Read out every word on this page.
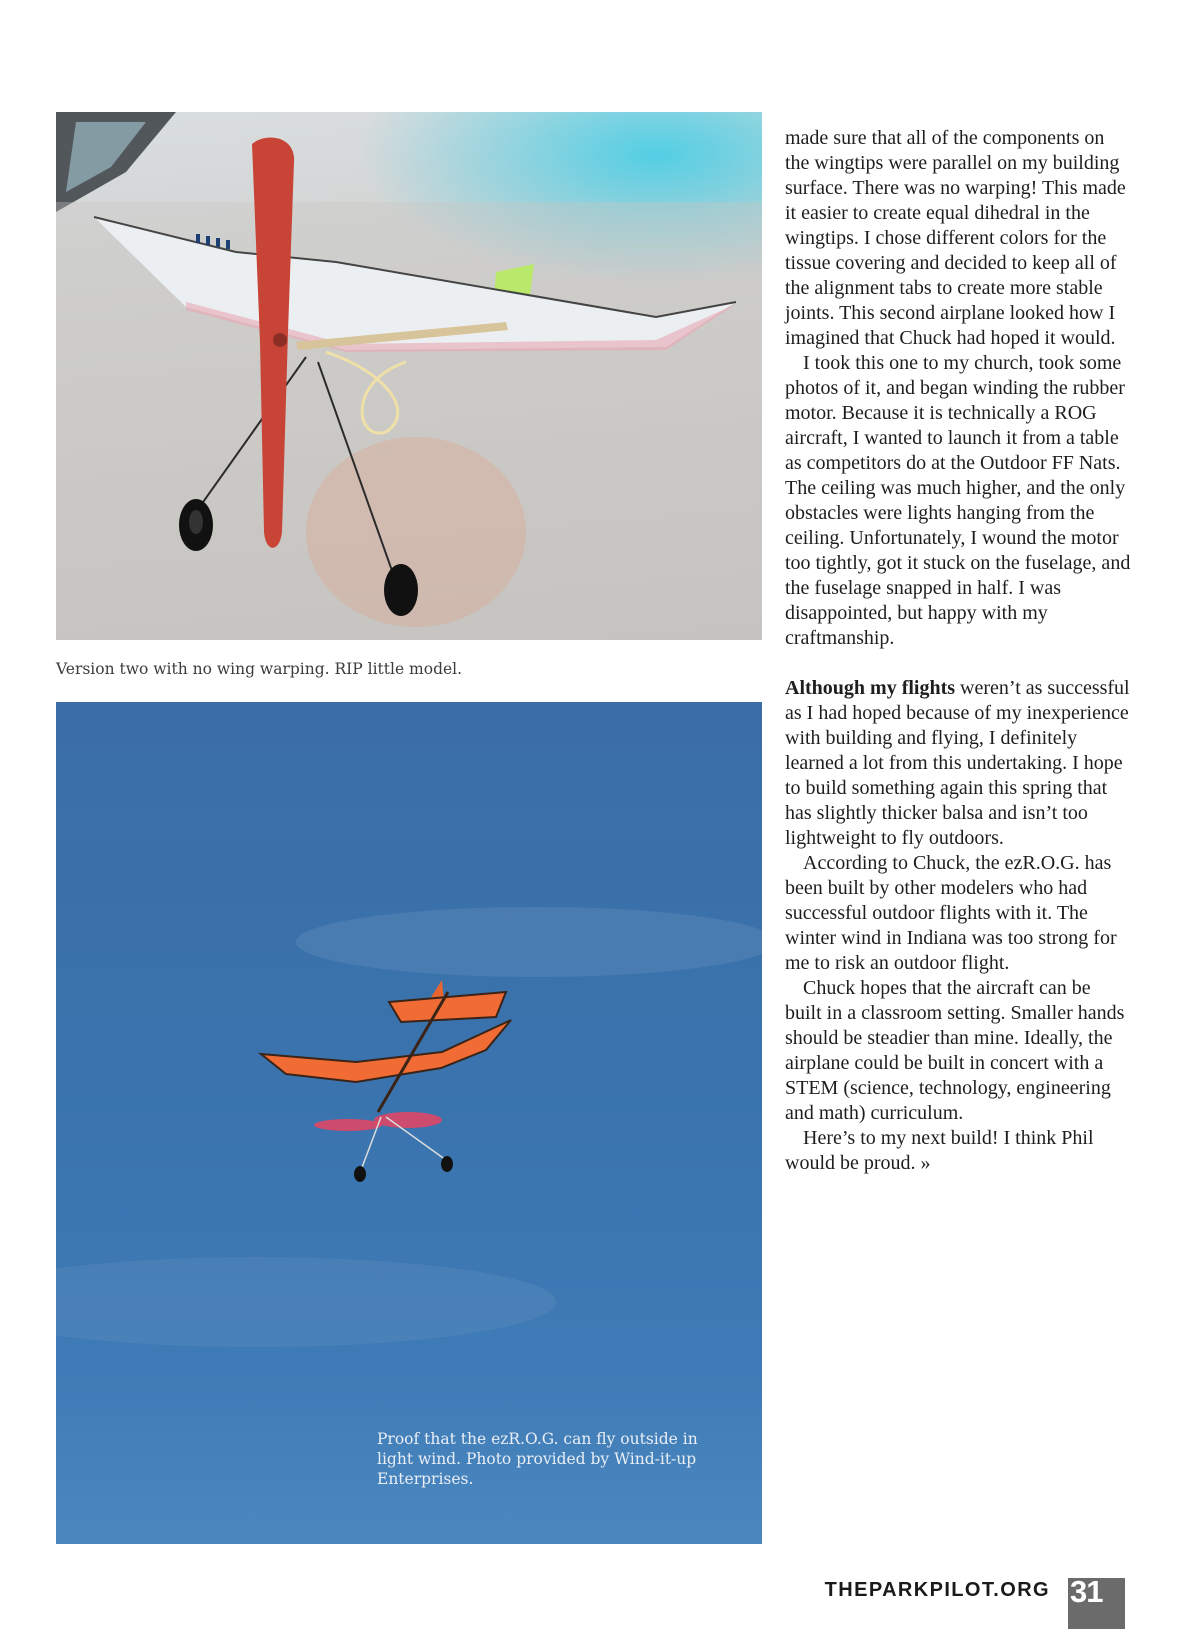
Version two with no wing warping. RIP little model.
Proof that the ezR.O.G. can fly outside in light wind. Photo provided by Wind-it-up Enterprises.

made sure that all of the components on the wingtips were parallel on my building surface. There was no warping! This made it easier to create equal dihedral in the wingtips. I chose different colors for the tissue covering and decided to keep all of the alignment tabs to create more stable joints. This second airplane looked how I imagined that Chuck had hoped it would.

I took this one to my church, took some photos of it, and began winding the rubber motor. Because it is technically a ROG aircraft, I wanted to launch it from a table as competitors do at the Outdoor FF Nats. The ceiling was much higher, and the only obstacles were lights hanging from the ceiling. Unfortunately, I wound the motor too tightly, got it stuck on the fuselage, and the fuselage snapped in half. I was disappointed, but happy with my craftmanship.

Although my flights weren’t as successful as I had hoped because of my inexperience with building and flying, I definitely learned a lot from this undertaking. I hope to build something again this spring that has slightly thicker balsa and isn’t too lightweight to fly outdoors.

According to Chuck, the ezR.O.G. has been built by other modelers who had successful outdoor flights with it. The winter wind in Indiana was too strong for me to risk an outdoor flight.

Chuck hopes that the aircraft can be built in a classroom setting. Smaller hands should be steadier than mine. Ideally, the airplane could be built in concert with a STEM (science, technology, engineering and math) curriculum.

Here’s to my next build! I think Phil would be proud. »

THEPARKPILOT.ORG 31
